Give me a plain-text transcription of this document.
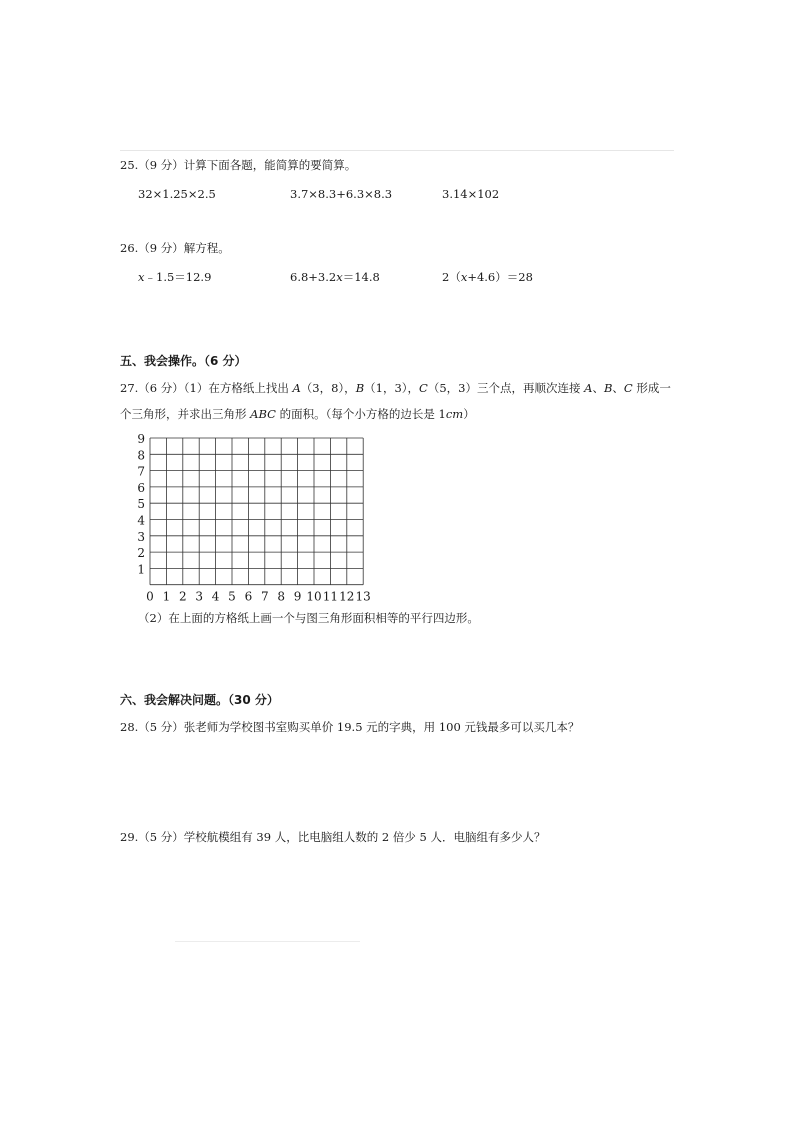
25.（9 分）计算下面各题，能简算的要简算。
32×1.25×2.5	3.7×8.3+6.3×8.3	3.14×102
26.（9 分）解方程。
x﹣1.5＝12.9	6.8+3.2x＝14.8	2（x+4.6）＝28
五、我会操作。（6 分）
27.（6 分）（1）在方格纸上找出 A（3，8），B（1，3），C（5，3）三个点，再顺次连接 A、B、C 形成一
个三角形，并求出三角形 ABC 的面积。（每个小方格的边长是 1cm）
0 1 2 3 4 5 6 7 8 9 10 11 12 13
1
2
3
4
5
6
7
8
9
（2）在上面的方格纸上画一个与图三角形面积相等的平行四边形。
六、我会解决问题。（30 分）
28.（5 分）张老师为学校图书室购买单价 19.5 元的字典，用 100 元钱最多可以买几本？
29.（5 分）学校航模组有 39 人，比电脑组人数的 2 倍少 5 人．电脑组有多少人？
